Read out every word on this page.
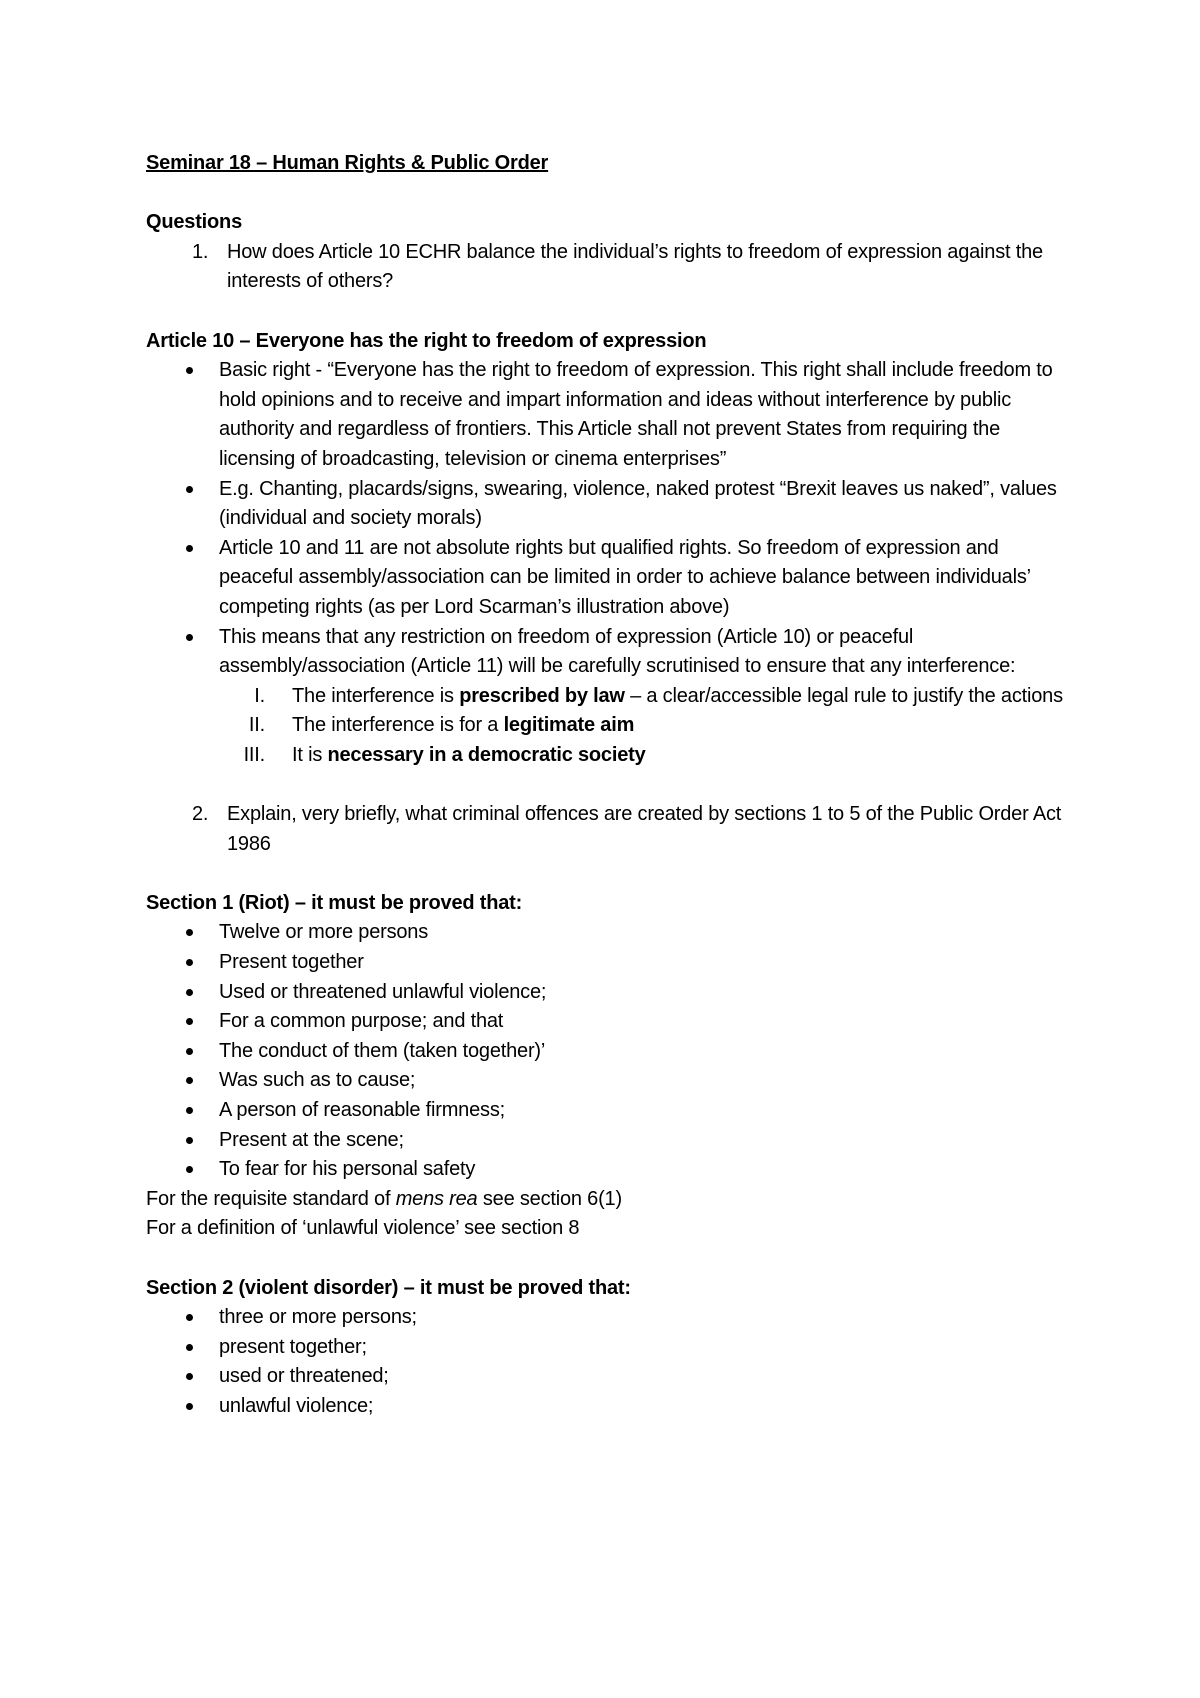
Seminar 18 – Human Rights & Public Order
Questions
1. How does Article 10 ECHR balance the individual’s rights to freedom of expression against the interests of others?
Article 10 – Everyone has the right to freedom of expression
Basic right - “Everyone has the right to freedom of expression. This right shall include freedom to hold opinions and to receive and impart information and ideas without interference by public authority and regardless of frontiers. This Article shall not prevent States from requiring the licensing of broadcasting, television or cinema enterprises”
E.g. Chanting, placards/signs, swearing, violence, naked protest “Brexit leaves us naked”, values (individual and society morals)
Article 10 and 11 are not absolute rights but qualified rights. So freedom of expression and peaceful assembly/association can be limited in order to achieve balance between individuals’ competing rights (as per Lord Scarman’s illustration above)
This means that any restriction on freedom of expression (Article 10) or peaceful assembly/association (Article 11) will be carefully scrutinised to ensure that any interference:
I. The interference is prescribed by law – a clear/accessible legal rule to justify the actions
II. The interference is for a legitimate aim
III. It is necessary in a democratic society
2. Explain, very briefly, what criminal offences are created by sections 1 to 5 of the Public Order Act 1986
Section 1 (Riot) – it must be proved that:
Twelve or more persons
Present together
Used or threatened unlawful violence;
For a common purpose; and that
The conduct of them (taken together)’
Was such as to cause;
A person of reasonable firmness;
Present at the scene;
To fear for his personal safety
For the requisite standard of mens rea see section 6(1)
For a definition of ‘unlawful violence’ see section 8
Section 2 (violent disorder) – it must be proved that:
three or more persons;
present together;
used or threatened;
unlawful violence;
